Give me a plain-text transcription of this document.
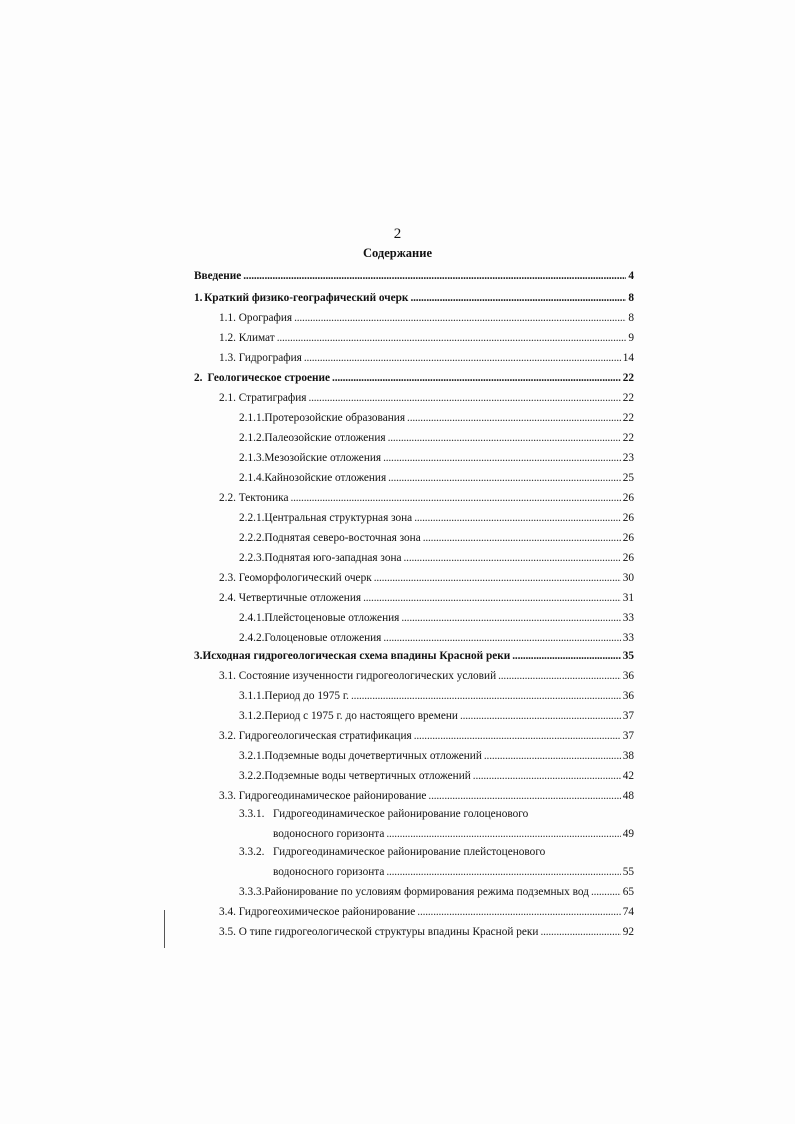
2
Содержание
Введение . . .	4
1. Краткий физико-географический очерк . . .	8
1.1. Орография . . .	8
1.2. Климат . . .	9
1.3. Гидрография . . .	14
2. Геологическое строение . . .	22
2.1. Стратиграфия . . .	22
2.1.1. Протерозойские образования . . .	22
2.1.2. Палеозойские отложения . . .	22
2.1.3. Мезозойские отложения . . .	23
2.1.4. Кайнозойские отложения . . .	25
2.2. Тектоника . . .	26
2.2.1. Центральная структурная зона . . .	26
2.2.2. Поднятая северо-восточная зона . . .	26
2.2.3. Поднятая юго-западная зона . . .	26
2.3. Геоморфологический очерк . . .	30
2.4. Четвертичные отложения . . .	31
2.4.1. Плейстоценовые отложения . . .	33
2.4.2. Голоценовые отложения . . .	33
3. Исходная гидрогеологическая схема впадины Красной реки . . .	35
3.1. Состояние изученности гидрогеологических условий . . .	36
3.1.1. Период до 1975 г. . . .	36
3.1.2. Период с 1975 г. до настоящего времени . . .	37
3.2. Гидрогеологическая стратификация . . .	37
3.2.1. Подземные воды дочетвертичных отложений . . .	38
3.2.2. Подземные воды четвертичных отложений . . .	42
3.3. Гидрогеодинамическое районирование . . .	48
3.3.1. Гидрогеодинамическое районирование голоценового
водоносного горизонта . . .	49
3.3.2. Гидрогеодинамическое районирование плейстоценового
водоносного горизонта . . .	55
3.3.3. Районирование по условиям формирования режима подземных вод . . .	65
3.4. Гидрогеохимическое районирование . . .	74
3.5. О типе гидрогеологической структуры впадины Красной реки . . .	92
